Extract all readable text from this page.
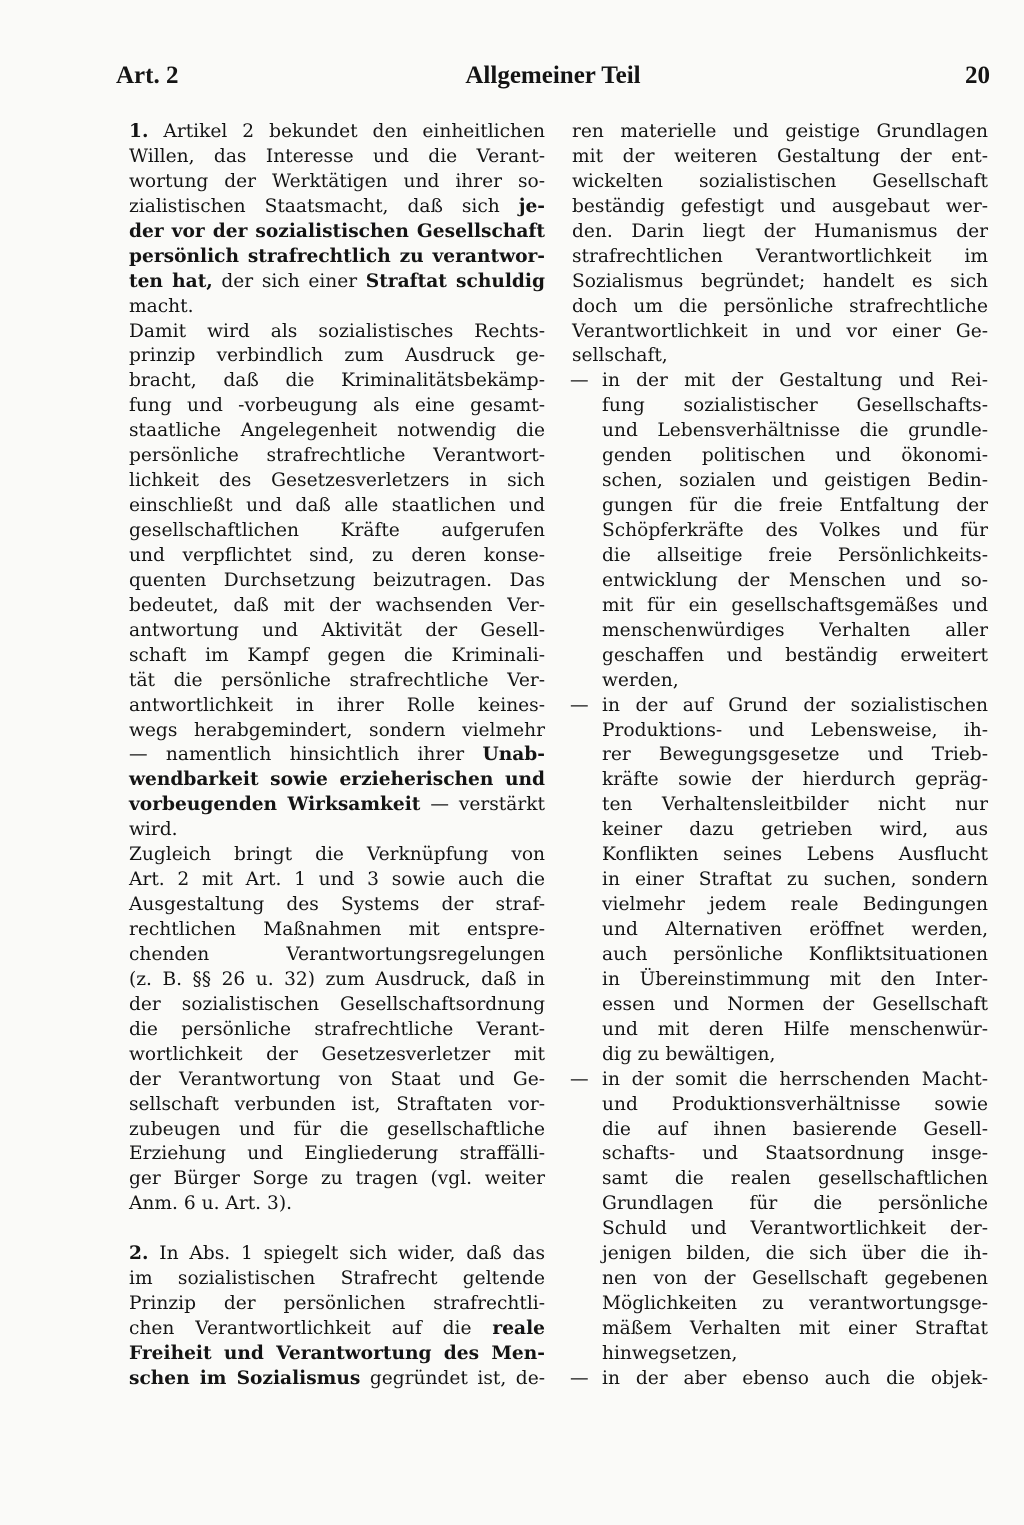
Art. 2	Allgemeiner Teil	20
1. Artikel 2 bekundet den einheitlichen
Willen, das Interesse und die Verant-
wortung der Werktätigen und ihrer so-
zialistischen Staatsmacht, daß sich je-
der vor der sozialistischen Gesellschaft
persönlich strafrechtlich zu verantwor-
ten hat, der sich einer Straftat schuldig
macht.
Damit wird als sozialistisches Rechts-
prinzip verbindlich zum Ausdruck ge-
bracht, daß die Kriminalitätsbekämp-
fung und -vorbeugung als eine gesamt-
staatliche Angelegenheit notwendig die
persönliche strafrechtliche Verantwort-
lichkeit des Gesetzesverletzers in sich
einschließt und daß alle staatlichen und
gesellschaftlichen Kräfte aufgerufen
und verpflichtet sind, zu deren konse-
quenten Durchsetzung beizutragen. Das
bedeutet, daß mit der wachsenden Ver-
antwortung und Aktivität der Gesell-
schaft im Kampf gegen die Kriminali-
tät die persönliche strafrechtliche Ver-
antwortlichkeit in ihrer Rolle keines-
wegs herabgemindert, sondern vielmehr
— namentlich hinsichtlich ihrer Unab-
wendbarkeit sowie erzieherischen und
vorbeugenden Wirksamkeit — verstärkt
wird.
Zugleich bringt die Verknüpfung von
Art. 2 mit Art. 1 und 3 sowie auch die
Ausgestaltung des Systems der straf-
rechtlichen Maßnahmen mit entspre-
chenden Verantwortungsregelungen
(z. B. §§ 26 u. 32) zum Ausdruck, daß in
der sozialistischen Gesellschaftsordnung
die persönliche strafrechtliche Verant-
wortlichkeit der Gesetzesverletzer mit
der Verantwortung von Staat und Ge-
sellschaft verbunden ist, Straftaten vor-
zubeugen und für die gesellschaftliche
Erziehung und Eingliederung straffälli-
ger Bürger Sorge zu tragen (vgl. weiter
Anm. 6 u. Art. 3).
2. In Abs. 1 spiegelt sich wider, daß das
im sozialistischen Strafrecht geltende
Prinzip der persönlichen strafrechtli-
chen Verantwortlichkeit auf die reale
Freiheit und Verantwortung des Men-
schen im Sozialismus gegründet ist, de-
ren materielle und geistige Grundlagen
mit der weiteren Gestaltung der ent-
wickelten sozialistischen Gesellschaft
beständig gefestigt und ausgebaut wer-
den. Darin liegt der Humanismus der
strafrechtlichen Verantwortlichkeit im
Sozialismus begründet; handelt es sich
doch um die persönliche strafrechtliche
Verantwortlichkeit in und vor einer Ge-
sellschaft,
— in der mit der Gestaltung und Rei-
fung sozialistischer Gesellschafts-
und Lebensverhältnisse die grundle-
genden politischen und ökonomi-
schen, sozialen und geistigen Bedin-
gungen für die freie Entfaltung der
Schöpferkräfte des Volkes und für
die allseitige freie Persönlichkeits-
entwicklung der Menschen und so-
mit für ein gesellschaftsgemäßes und
menschenwürdiges Verhalten aller
geschaffen und beständig erweitert
werden,
— in der auf Grund der sozialistischen
Produktions- und Lebensweise, ih-
rer Bewegungsgesetze und Trieb-
kräfte sowie der hierdurch gepräg-
ten Verhaltensleitbilder nicht nur
keiner dazu getrieben wird, aus
Konflikten seines Lebens Ausflucht
in einer Straftat zu suchen, sondern
vielmehr jedem reale Bedingungen
und Alternativen eröffnet werden,
auch persönliche Konfliktsituationen
in Übereinstimmung mit den Inter-
essen und Normen der Gesellschaft
und mit deren Hilfe menschenwür-
dig zu bewältigen,
— in der somit die herrschenden Macht-
und Produktionsverhältnisse sowie
die auf ihnen basierende Gesell-
schafts- und Staatsordnung insge-
samt die realen gesellschaftlichen
Grundlagen für die persönliche
Schuld und Verantwortlichkeit der-
jenigen bilden, die sich über die ih-
nen von der Gesellschaft gegebenen
Möglichkeiten zu verantwortungsge-
mäßem Verhalten mit einer Straftat
hinwegsetzen,
— in der aber ebenso auch die objek-
